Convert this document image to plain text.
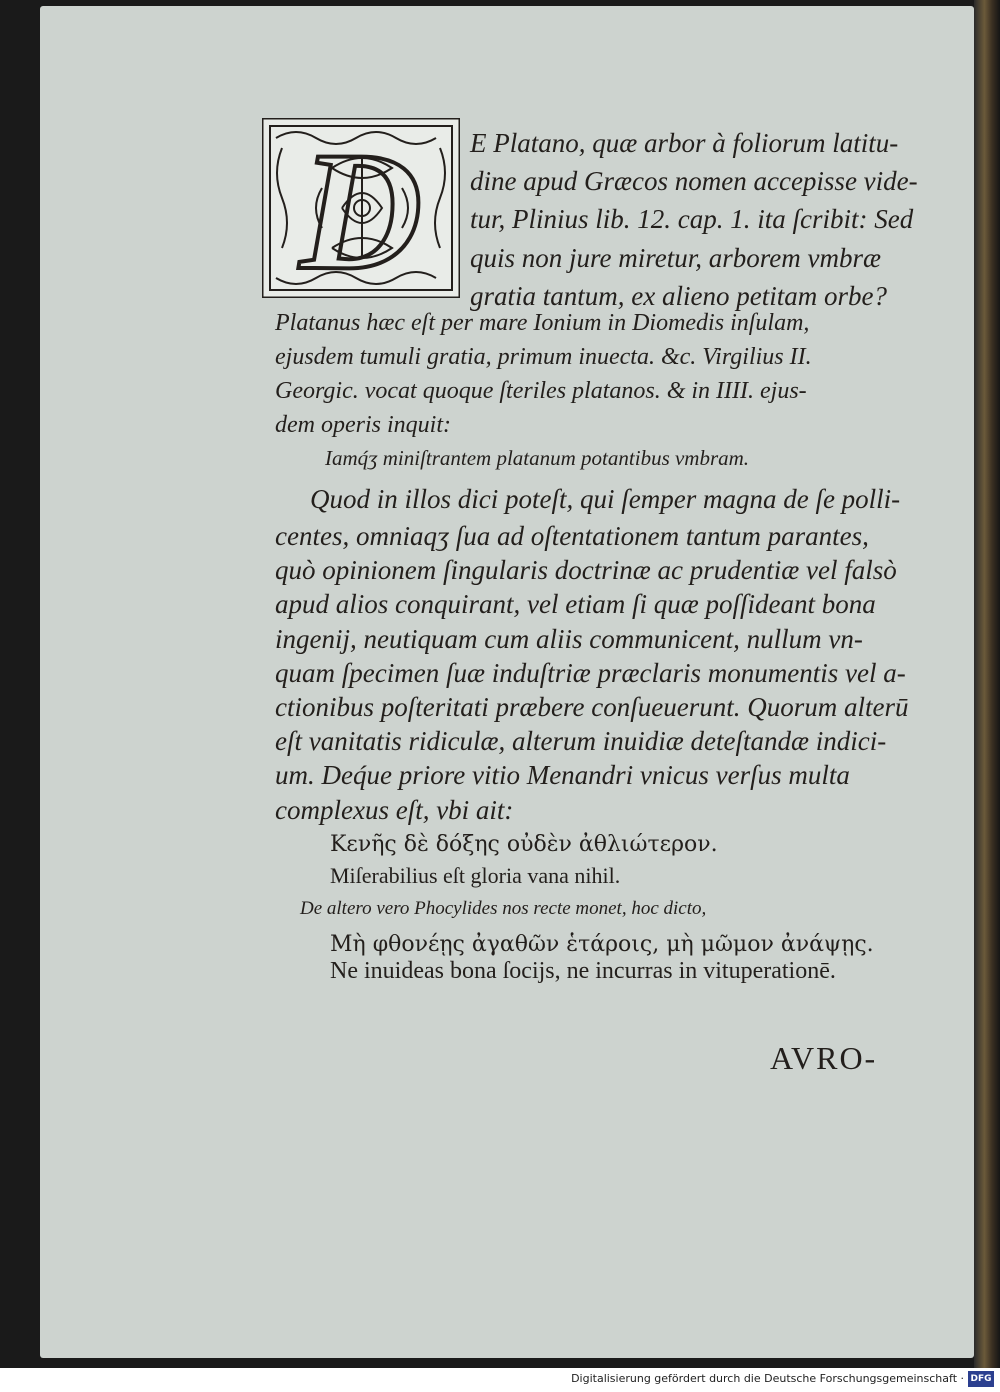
D E Platano, quæ arbor à foliorum latitu-
dine apud Græcos nomen accepisse vide-
tur, Plinius lib. 12. cap. 1. ita ſcribit: Sed
quis non jure miretur, arborem vmbræ
gratia tantum, ex alieno petitam orbe?
Platanus hæc eſt per mare Ionium in Diomedis inſulam,
ejusdem tumuli gratia, primum inuecta. &c. Virgilius II.
Georgic. vocat quoque ſteriles platanos. & in IIII. ejus-
dem operis inquit:
Iamq́ʒ miniſtrantem platanum potantibus vmbram.
Quod in illos dici poteſt, qui ſemper magna de ſe polli-
centes, omniaqʒ ſua ad oſtentationem tantum parantes,
quò opinionem ſingularis doctrinæ ac prudentiæ vel falsò
apud alios conquirant, vel etiam ſi quæ poſſideant bona
ingenij, neutiquam cum aliis communicent, nullum vn-
quam ſpecimen ſuæ induſtriæ præclaris monumentis vel a-
ctionibus poſteritati præbere conſueuerunt. Quorum alterū
eſt vanitatis ridiculæ, alterum inuidiæ deteſtandæ indici-
um. Deq́ue priore vitio Menandri vnicus verſus multa
complexus eſt, vbi ait:
Κενῆς δὲ δόξης οὐδὲν ἀθλιώτερον.
Miſerabilius eſt gloria vana nihil.
De altero vero Phocylides nos recte monet, hoc dicto,
Μὴ φθονέῃς ἀγαθῶν ἑτάροις, μὴ μῶμον ἀνάψῃς.
Ne inuideas bona ſocijs, ne incurras in vituperationē.
AVRO-
Digitalisierung gefördert durch die Deutsche Forschungsgemeinschaft · DFG
